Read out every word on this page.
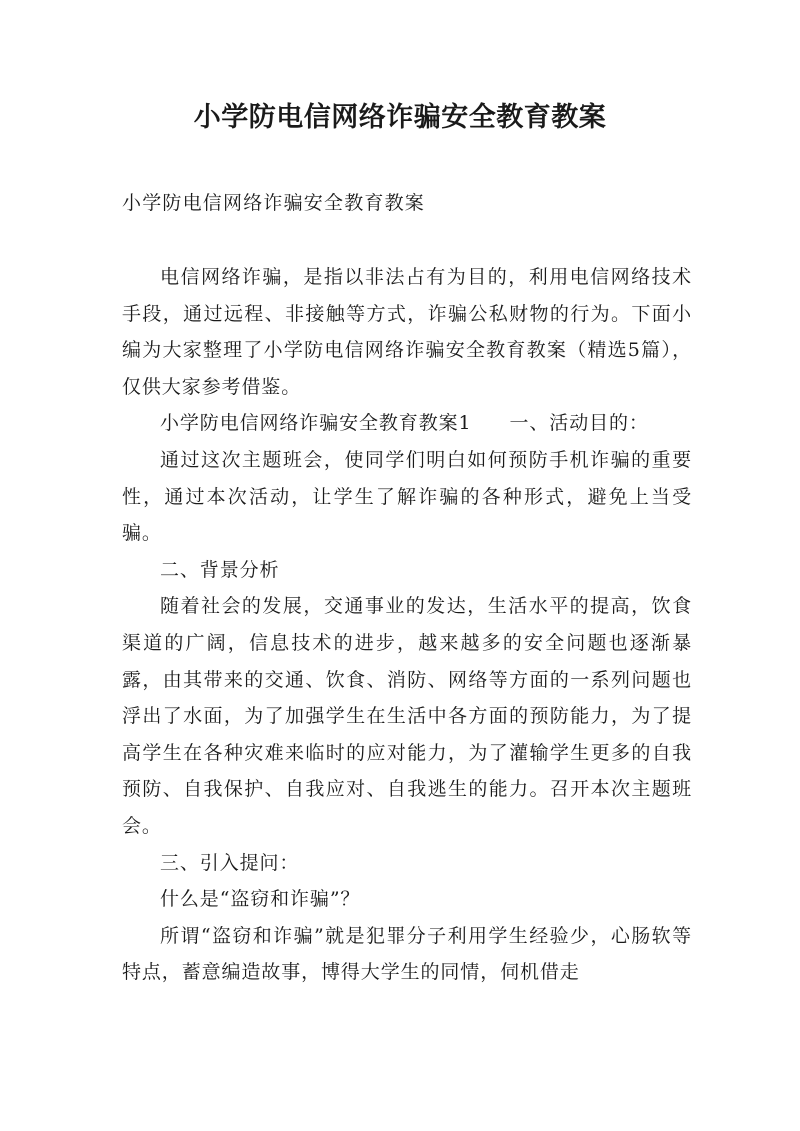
小学防电信网络诈骗安全教育教案

小学防电信网络诈骗安全教育教案

电信网络诈骗，是指以非法占有为目的，利用电信网络技术手段，通过远程、非接触等方式，诈骗公私财物的行为。下面小编为大家整理了小学防电信网络诈骗安全教育教案（精选5篇），仅供大家参考借鉴。

小学防电信网络诈骗安全教育教案1 一、活动目的：

通过这次主题班会，使同学们明白如何预防手机诈骗的重要性，通过本次活动，让学生了解诈骗的各种形式，避免上当受骗。

二、背景分析

随着社会的发展，交通事业的发达，生活水平的提高，饮食渠道的广阔，信息技术的进步，越来越多的安全问题也逐渐暴露，由其带来的交通、饮食、消防、网络等方面的一系列问题也浮出了水面，为了加强学生在生活中各方面的预防能力，为了提高学生在各种灾难来临时的应对能力，为了灌输学生更多的自我预防、自我保护、自我应对、自我逃生的能力。召开本次主题班会。

三、引入提问：

什么是“盗窃和诈骗”？

所谓“盗窃和诈骗”就是犯罪分子利用学生经验少，心肠软等特点，蓄意编造故事，博得大学生的同情，伺机借走
